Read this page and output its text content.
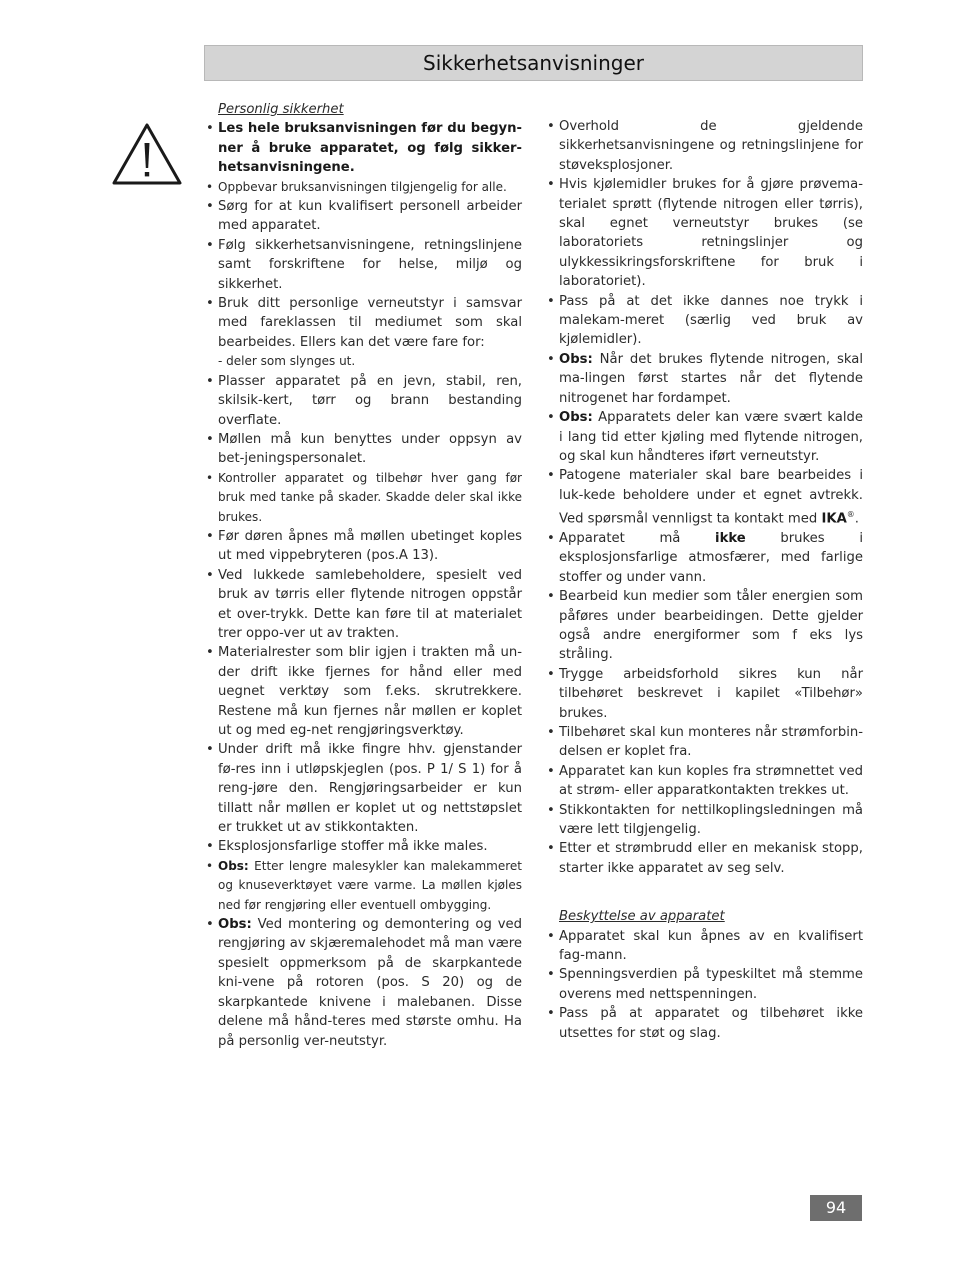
Sikkerhetsanvisninger
Personlig sikkerhet
• Les hele bruksanvisningen før du begyn-ner å bruke apparatet, og følg sikker-hetsanvisningene.
• Oppbevar bruksanvisningen tilgjengelig for alle.
• Sørg for at kun kvalifisert personell arbeider med apparatet.
• Følg sikkerhetsanvisningene, retningslinjene samt forskriftene for helse, miljø og sikkerhet.
• Bruk ditt personlige verneutstyr i samsvar med fareklassen til mediumet som skal bearbeides. Ellers kan det være fare for:
- deler som slynges ut.
• Plasser apparatet på en jevn, stabil, ren, skilsik-kert, tørr og brann bestanding overflate.
• Møllen må kun benyttes under oppsyn av bet-jeningspersonalet.
• Kontroller apparatet og tilbehør hver gang før bruk med tanke på skader. Skadde deler skal ikke brukes.
• Før døren åpnes må møllen ubetinget koples ut med vippebryteren (pos.A 13).
• Ved lukkede samlebeholdere, spesielt ved bruk av tørris eller flytende nitrogen oppstår et over-trykk. Dette kan føre til at materialet trer oppo-ver ut av trakten.
• Materialrester som blir igjen i trakten må un-der drift ikke fjernes for hånd eller med uegnet verktøy som f.eks. skrutrekkere. Restene må kun fjernes når møllen er koplet ut og med eg-net rengjøringsverktøy.
• Under drift må ikke fingre hhv. gjenstander fø-res inn i utløpskjeglen (pos. P 1/ S 1) for å reng-jøre den. Rengjøringsarbeider er kun tillatt når møllen er koplet ut og nettstøpslet er trukket ut av stikkontakten.
• Eksplosjonsfarlige stoffer må ikke males.
• Obs: Etter lengre malesykler kan malekammeret og knuseverktøyet være varme. La møllen kjøles ned før rengjøring eller eventuell ombygging.
• Obs: Ved montering og demontering og ved rengjøring av skjæremalehodet må man være spesielt oppmerksom på de skarpkantede kni-vene på rotoren (pos. S 20) og de skarpkantede knivene i malebanen. Disse delene må hånd-teres med største omhu. Ha på personlig ver-neutstyr.
• Overhold de gjeldende sikkerhetsanvisningene og retningslinjene for støveksplosjoner.
• Hvis kjølemidler brukes for å gjøre prøvema-terialet sprøtt (flytende nitrogen eller tørris), skal egnet verneutstyr brukes (se laboratoriets retningslinjer og ulykkessikringsforskriftene for bruk i laboratoriet).
• Pass på at det ikke dannes noe trykk i malekam-meret (særlig ved bruk av kjølemidler).
• Obs: Når det brukes flytende nitrogen, skal ma-lingen først startes når det flytende nitrogenet har fordampet.
• Obs: Apparatets deler kan være svært kalde i lang tid etter kjøling med flytende nitrogen, og skal kun håndteres iført verneutstyr.
• Patogene materialer skal bare bearbeides i luk-kede beholdere under et egnet avtrekk. Ved spørsmål vennligst ta kontakt med IKA®.
• Apparatet må ikke brukes i eksplosjonsfarlige atmosfærer, med farlige stoffer og under vann.
• Bearbeid kun medier som tåler energien som påføres under bearbeidingen. Dette gjelder også andre energiformer som f eks lys stråling.
• Trygge arbeidsforhold sikres kun når tilbehøret beskrevet i kapilet «Tilbehør» brukes.
• Tilbehøret skal kun monteres når strømforbin-delsen er koplet fra.
• Apparatet kan kun koples fra strømnettet ved at strøm- eller apparatkontakten trekkes ut.
• Stikkontakten for nettilkoplingsledningen må være lett tilgjengelig.
• Etter et strømbrudd eller en mekanisk stopp, starter ikke apparatet av seg selv.
Beskyttelse av apparatet
• Apparatet skal kun åpnes av en kvalifisert fag-mann.
• Spenningsverdien på typeskiltet må stemme overens med nettspenningen.
• Pass på at apparatet og tilbehøret ikke utsettes for støt og slag.
94
